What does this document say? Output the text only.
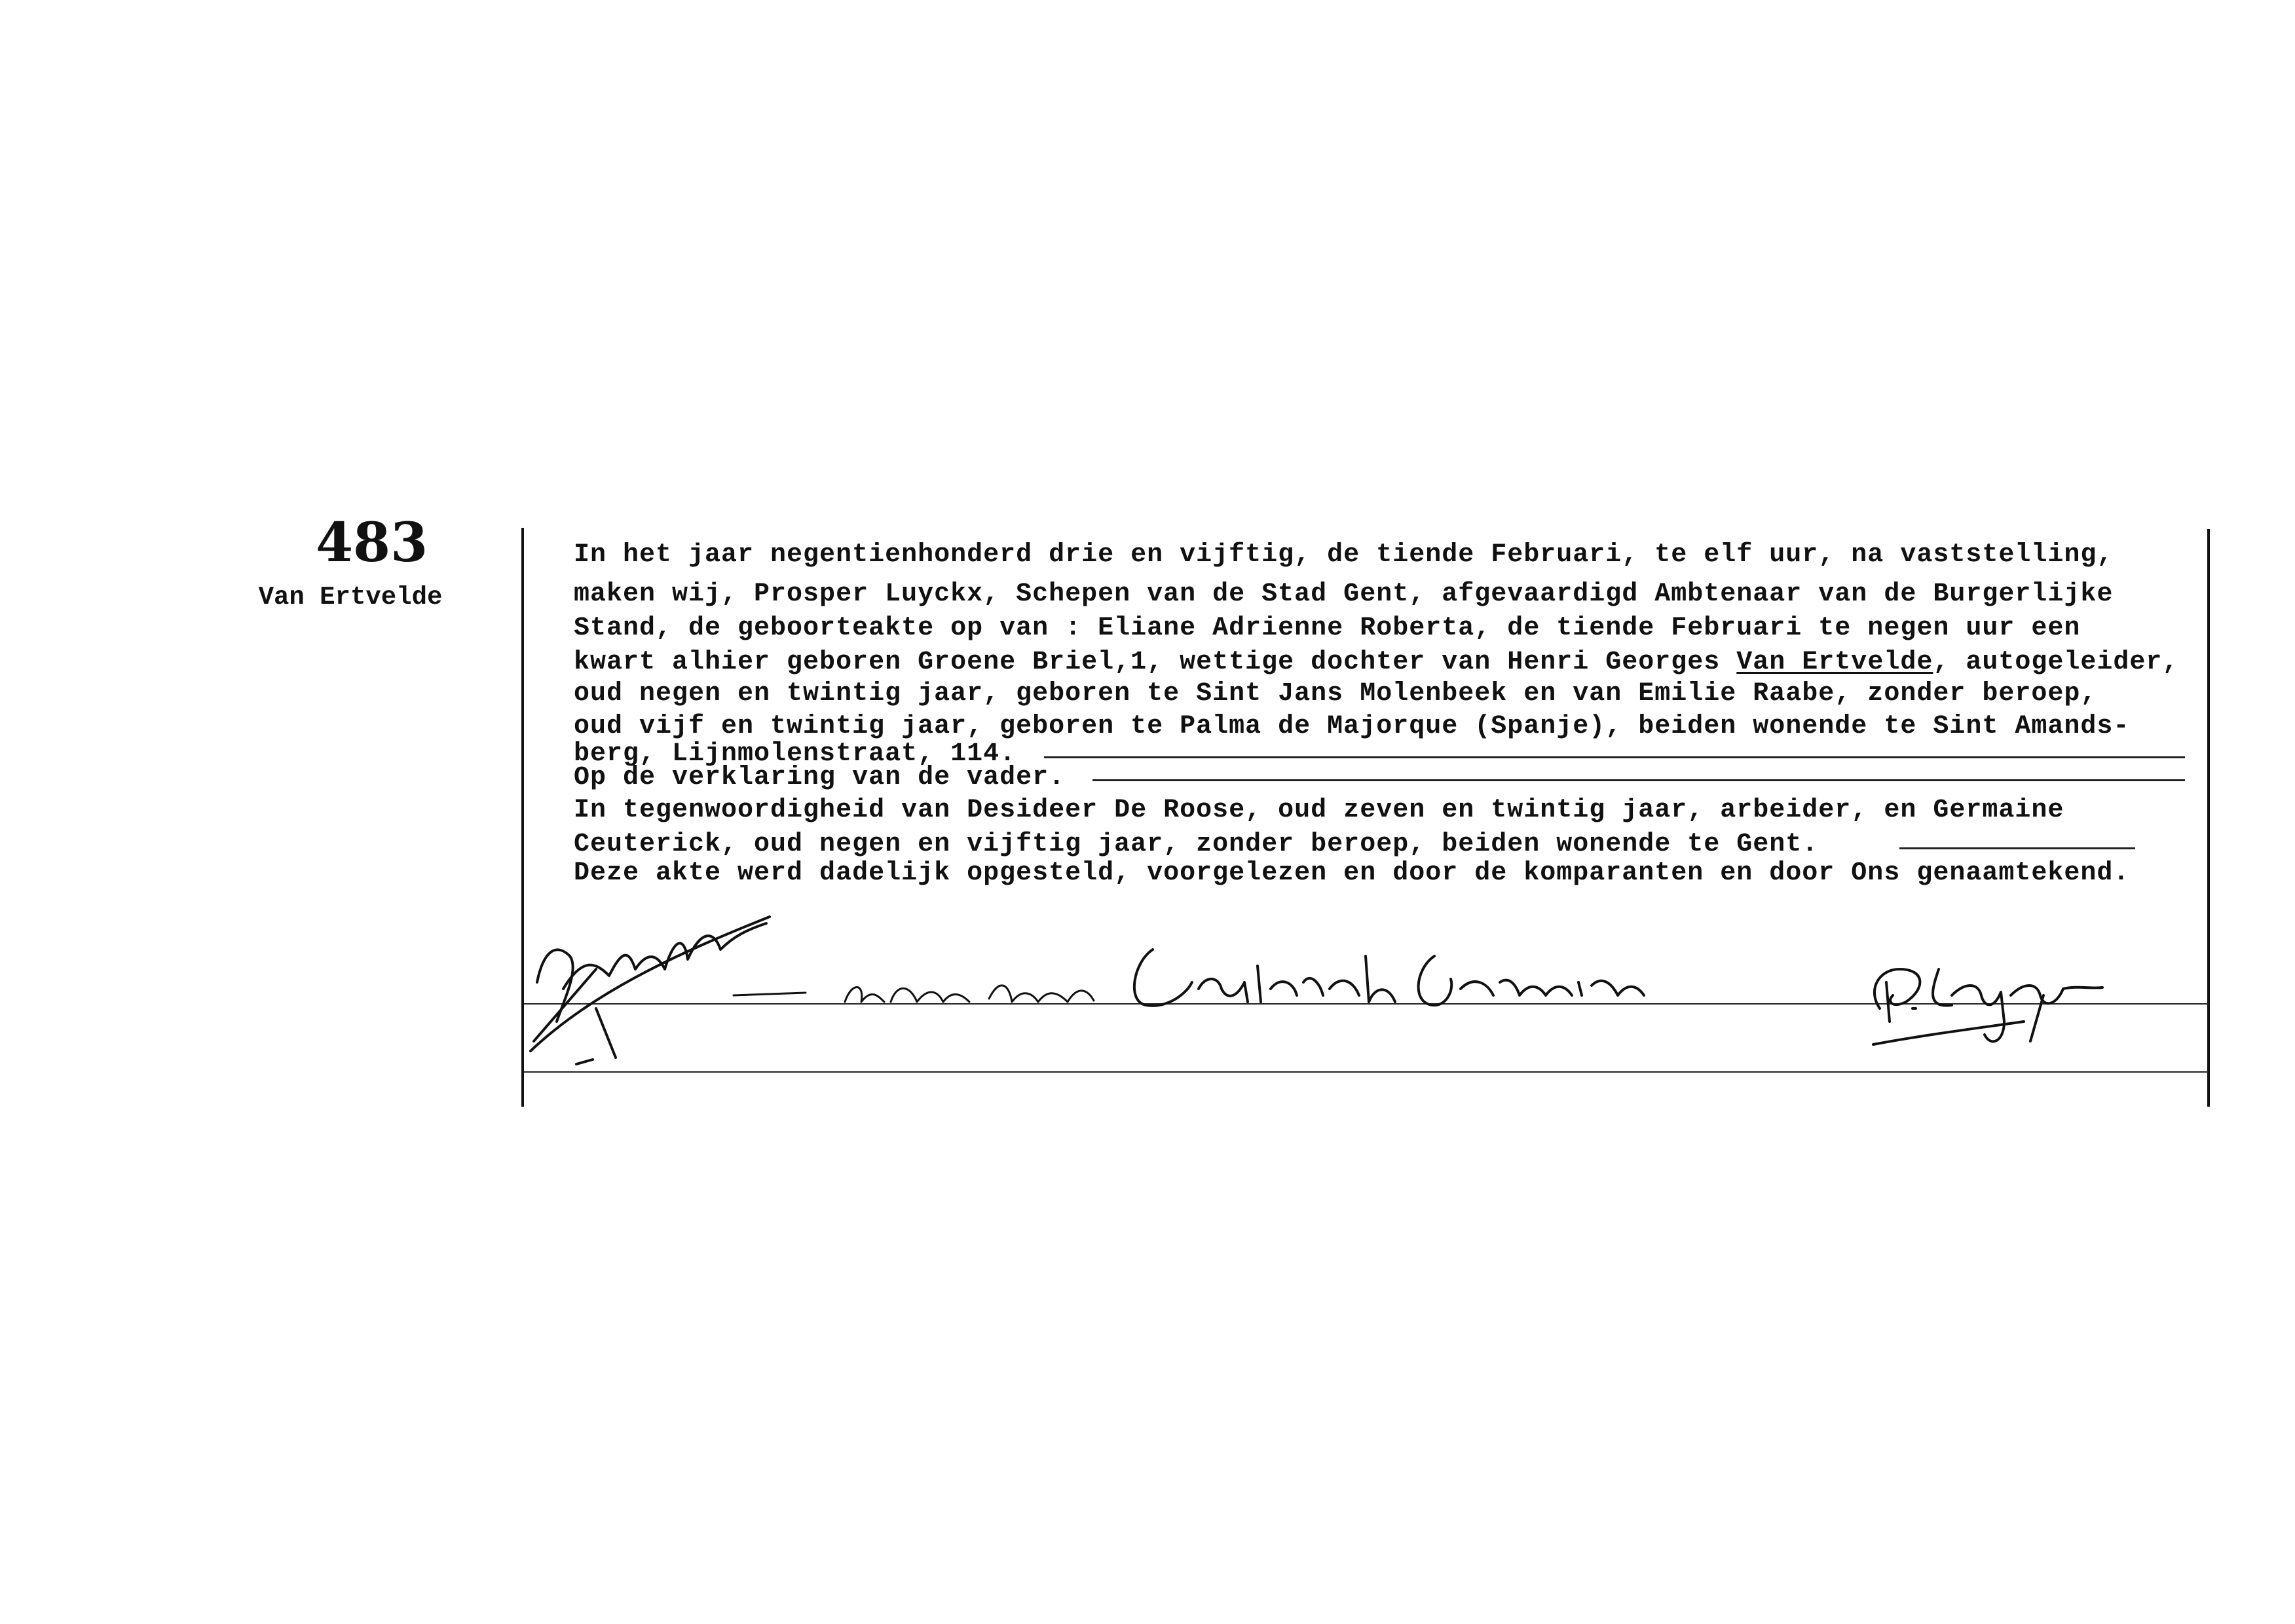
483
Van Ertvelde
In het jaar negentienhonderd drie en vijftig, de tiende Februari, te elf uur, na vaststelling,
maken wij, Prosper Luyckx, Schepen van de Stad Gent, afgevaardigd Ambtenaar van de Burgerlijke
Stand, de geboorteakte op van : Eliane Adrienne Roberta, de tiende Februari te negen uur een
kwart alhier geboren Groene Briel,1, wettige dochter van Henri Georges Van Ertvelde, autogeleider,
oud negen en twintig jaar, geboren te Sint Jans Molenbeek en van Emilie Raabe, zonder beroep,
oud vijf en twintig jaar, geboren te Palma de Majorque (Spanje), beiden wonende te Sint Amands-
berg, Lijnmolenstraat, 114.
Op de verklaring van de vader.
In tegenwoordigheid van Desideer De Roose, oud zeven en twintig jaar, arbeider, en Germaine
Ceuterick, oud negen en vijftig jaar, zonder beroep, beiden wonende te Gent.
Deze akte werd dadelijk opgesteld, voorgelezen en door de komparanten en door Ons genaamtekend.
